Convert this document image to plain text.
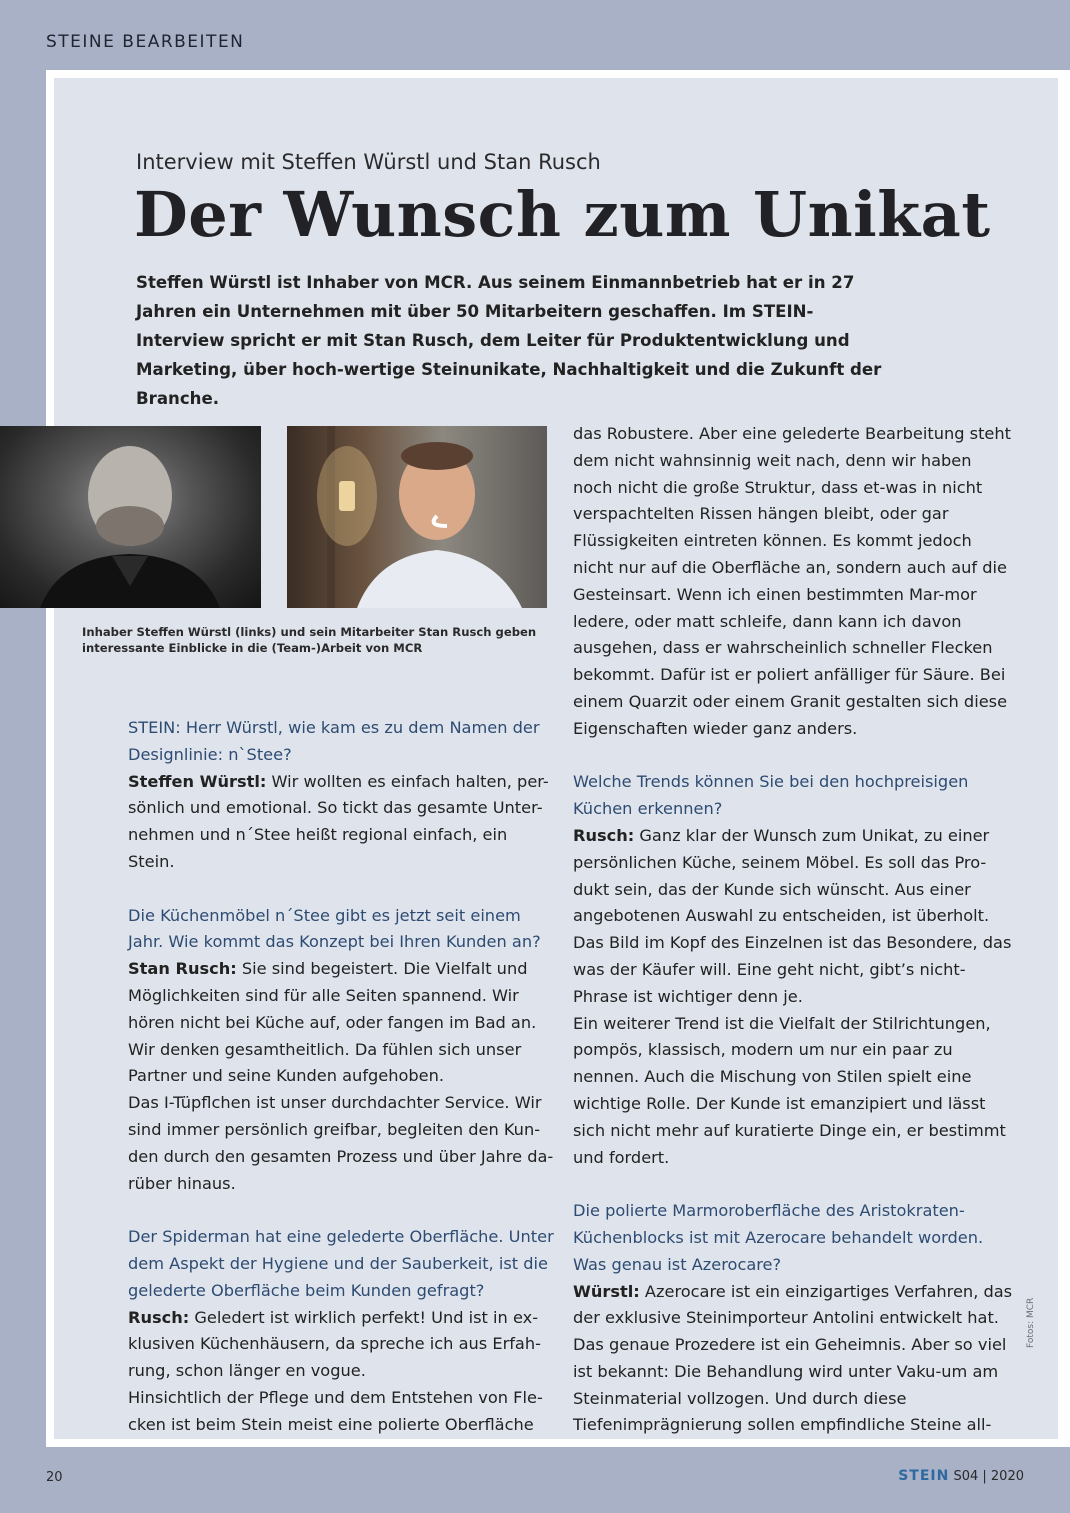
STEINE BEARBEITEN
Interview mit Steffen Würstl und Stan Rusch
Der Wunsch zum Unikat
Steffen Würstl ist Inhaber von MCR. Aus seinem Einmannbetrieb hat er in 27 Jahren ein Unternehmen mit über 50 Mitarbeitern geschaffen. Im STEIN-Interview spricht er mit Stan Rusch, dem Leiter für Produktentwicklung und Marketing, über hoch-wertige Steinunikate, Nachhaltigkeit und die Zukunft der Branche.
Inhaber Steffen Würstl (links) und sein Mitarbeiter Stan Rusch geben interessante Einblicke in die (Team-)Arbeit von MCR

STEIN: Herr Würstl, wie kam es zu dem Namen der Designlinie: n`Stee?

Steffen Würstl: Wir wollten es einfach halten, per-sönlich und emotional. So tickt das gesamte Unter-nehmen und n´Stee heißt regional einfach, ein Stein.

Die Küchenmöbel n´Stee gibt es jetzt seit einem Jahr. Wie kommt das Konzept bei Ihren Kunden an?

Stan Rusch: Sie sind begeistert. Die Vielfalt und Möglichkeiten sind für alle Seiten spannend. Wir hören nicht bei Küche auf, oder fangen im Bad an. Wir denken gesamtheitlich. Da fühlen sich unser Partner und seine Kunden aufgehoben.

Das I-Tüpflchen ist unser durchdachter Service. Wir sind immer persönlich greifbar, begleiten den Kun-den durch den gesamten Prozess und über Jahre da-rüber hinaus.

Der Spiderman hat eine gelederte Oberfläche. Unter dem Aspekt der Hygiene und der Sauberkeit, ist die gelederte Oberfläche beim Kunden gefragt?

Rusch: Geledert ist wirklich perfekt! Und ist in ex-klusiven Küchenhäusern, da spreche ich aus Erfah-rung, schon länger en vogue.

Hinsichtlich der Pflege und dem Entstehen von Fle-cken ist beim Stein meist eine polierte Oberfläche

das Robustere. Aber eine gelederte Bearbeitung steht dem nicht wahnsinnig weit nach, denn wir haben noch nicht die große Struktur, dass et-was in nicht verspachtelten Rissen hängen bleibt, oder gar Flüssigkeiten eintreten können. Es kommt jedoch nicht nur auf die Oberfläche an, sondern auch auf die Gesteinsart. Wenn ich einen bestimmten Mar-mor ledere, oder matt schleife, dann kann ich davon ausgehen, dass er wahrscheinlich schneller Flecken bekommt. Dafür ist er poliert anfälliger für Säure. Bei einem Quarzit oder einem Granit gestalten sich diese Eigenschaften wieder ganz anders.

Welche Trends können Sie bei den hochpreisigen Küchen erkennen?

Rusch: Ganz klar der Wunsch zum Unikat, zu einer persönlichen Küche, seinem Möbel. Es soll das Pro-dukt sein, das der Kunde sich wünscht. Aus einer angebotenen Auswahl zu entscheiden, ist überholt. Das Bild im Kopf des Einzelnen ist das Besondere, das was der Käufer will. Eine geht nicht, gibt’s nicht-Phrase ist wichtiger denn je.

Ein weiterer Trend ist die Vielfalt der Stilrichtungen, pompös, klassisch, modern um nur ein paar zu nennen. Auch die Mischung von Stilen spielt eine wichtige Rolle. Der Kunde ist emanzipiert und lässt sich nicht mehr auf kuratierte Dinge ein, er bestimmt und fordert.

Die polierte Marmoroberfläche des Aristokraten-Küchenblocks ist mit Azerocare behandelt worden. Was genau ist Azerocare?

Würstl: Azerocare ist ein einzigartiges Verfahren, das der exklusive Steinimporteur Antolini entwickelt hat. Das genaue Prozedere ist ein Geheimnis. Aber so viel ist bekannt: Die Behandlung wird unter Vaku-um am Steinmaterial vollzogen. Und durch diese Tiefenimprägnierung sollen empfindliche Steine all-

Fotos: MCR
20	STEIN S04 | 2020
